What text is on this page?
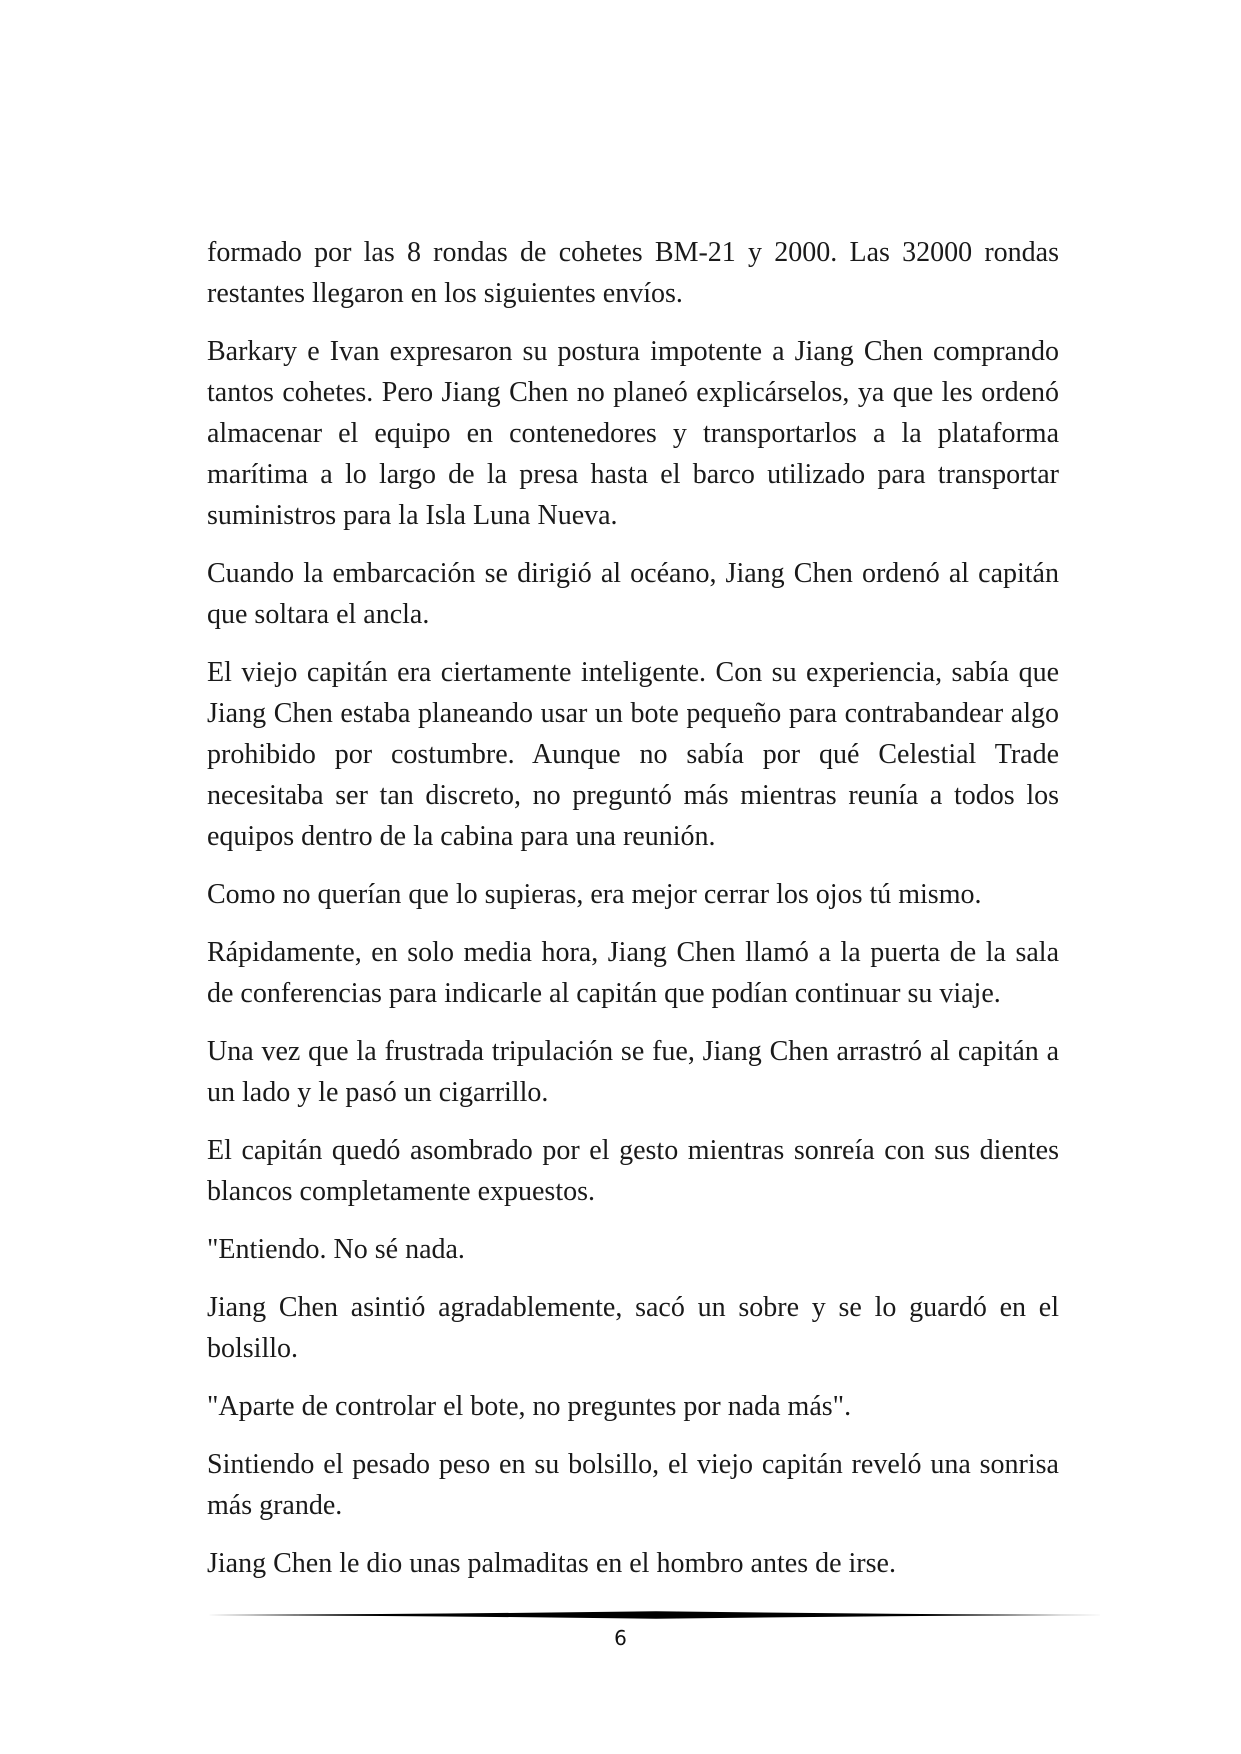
formado por las 8 rondas de cohetes BM-21 y 2000. Las 32000 rondas restantes llegaron en los siguientes envíos.

Barkary e Ivan expresaron su postura impotente a Jiang Chen comprando tantos cohetes. Pero Jiang Chen no planeó explicárselos, ya que les ordenó almacenar el equipo en contenedores y transportarlos a la plataforma marítima a lo largo de la presa hasta el barco utilizado para transportar suministros para la Isla Luna Nueva.

Cuando la embarcación se dirigió al océano, Jiang Chen ordenó al capitán que soltara el ancla.

El viejo capitán era ciertamente inteligente. Con su experiencia, sabía que Jiang Chen estaba planeando usar un bote pequeño para contrabandear algo prohibido por costumbre. Aunque no sabía por qué Celestial Trade necesitaba ser tan discreto, no preguntó más mientras reunía a todos los equipos dentro de la cabina para una reunión.

Como no querían que lo supieras, era mejor cerrar los ojos tú mismo.

Rápidamente, en solo media hora, Jiang Chen llamó a la puerta de la sala de conferencias para indicarle al capitán que podían continuar su viaje.

Una vez que la frustrada tripulación se fue, Jiang Chen arrastró al capitán a un lado y le pasó un cigarrillo.

El capitán quedó asombrado por el gesto mientras sonreía con sus dientes blancos completamente expuestos.

"Entiendo. No sé nada.

Jiang Chen asintió agradablemente, sacó un sobre y se lo guardó en el bolsillo.

"Aparte de controlar el bote, no preguntes por nada más".

Sintiendo el pesado peso en su bolsillo, el viejo capitán reveló una sonrisa más grande.

Jiang Chen le dio unas palmaditas en el hombro antes de irse.

6
